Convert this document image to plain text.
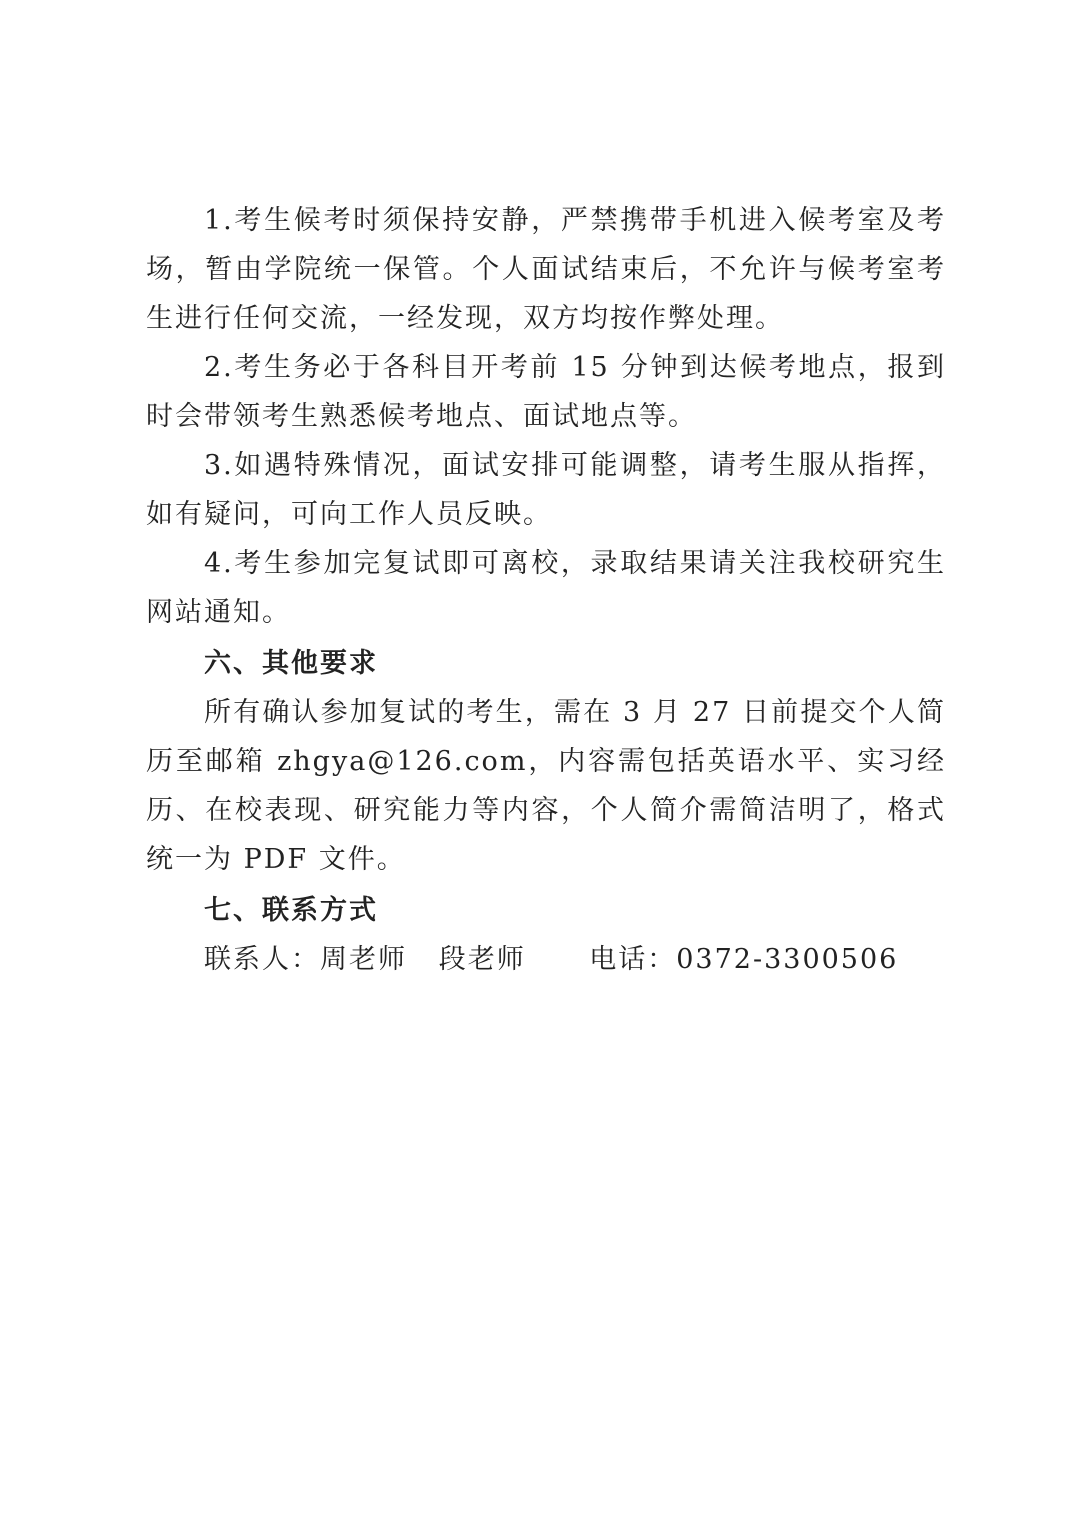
1.考生候考时须保持安静，严禁携带手机进入候考室及考场，暂由学院统一保管。个人面试结束后，不允许与候考室考生进行任何交流，一经发现，双方均按作弊处理。

2.考生务必于各科目开考前 15 分钟到达候考地点，报到时会带领考生熟悉候考地点、面试地点等。

3.如遇特殊情况，面试安排可能调整，请考生服从指挥，如有疑问，可向工作人员反映。

4.考生参加完复试即可离校，录取结果请关注我校研究生网站通知。

六、其他要求

所有确认参加复试的考生，需在 3 月 27 日前提交个人简历至邮箱 zhgya@126.com，内容需包括英语水平、实习经历、在校表现、研究能力等内容，个人简介需简洁明了，格式统一为 PDF 文件。

七、联系方式

联系人：周老师   段老师 电话：0372-3300506
